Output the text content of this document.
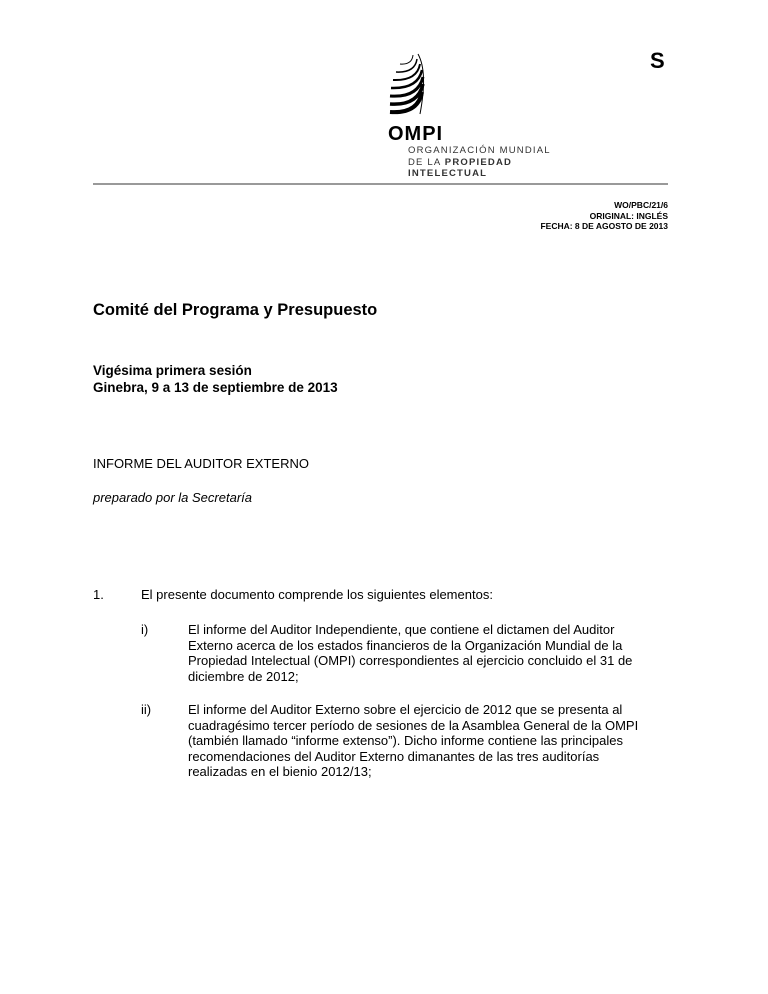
S
OMPI
ORGANIZACIÓN MUNDIAL
DE LA PROPIEDAD
INTELECTUAL
WO/PBC/21/6
ORIGINAL: INGLÉS
FECHA: 8 DE AGOSTO DE 2013
Comité del Programa y Presupuesto
Vigésima primera sesión
Ginebra, 9 a 13 de septiembre de 2013
INFORME DEL AUDITOR EXTERNO
preparado por la Secretaría
1.	El presente documento comprende los siguientes elementos:
i)	El informe del Auditor Independiente, que contiene el dictamen del Auditor Externo acerca de los estados financieros de la Organización Mundial de la Propiedad Intelectual (OMPI) correspondientes al ejercicio concluido el 31 de diciembre de 2012;
ii)	El informe del Auditor Externo sobre el ejercicio de 2012 que se presenta al cuadragésimo tercer período de sesiones de la Asamblea General de la OMPI (también llamado “informe extenso”). Dicho informe contiene las principales recomendaciones del Auditor Externo dimanantes de las tres auditorías realizadas en el bienio 2012/13;
